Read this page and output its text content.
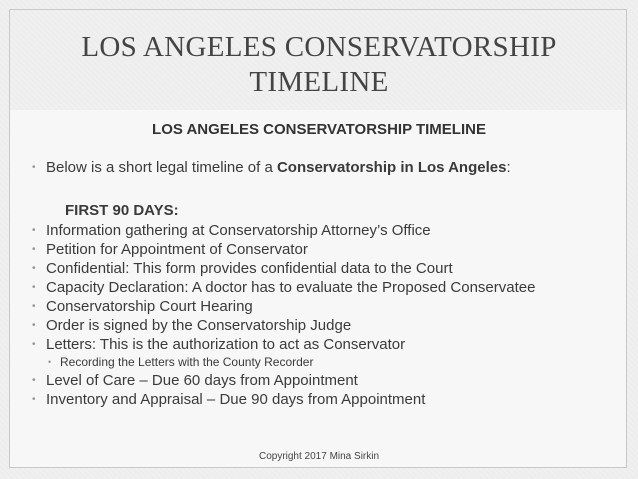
LOS ANGELES CONSERVATORSHIP
TIMELINE
LOS ANGELES CONSERVATORSHIP TIMELINE
• Below is a short legal timeline of a Conservatorship in Los Angeles:
FIRST 90 DAYS:
• Information gathering at Conservatorship Attorney’s Office
• Petition for Appointment of Conservator
• Confidential: This form provides confidential data to the Court
• Capacity Declaration: A doctor has to evaluate the Proposed Conservatee
• Conservatorship Court Hearing
• Order is signed by the Conservatorship Judge
• Letters: This is the authorization to act as Conservator
• Recording the Letters with the County Recorder
• Level of Care – Due 60 days from Appointment
• Inventory and Appraisal – Due 90 days from Appointment
Copyright 2017 Mina Sirkin
